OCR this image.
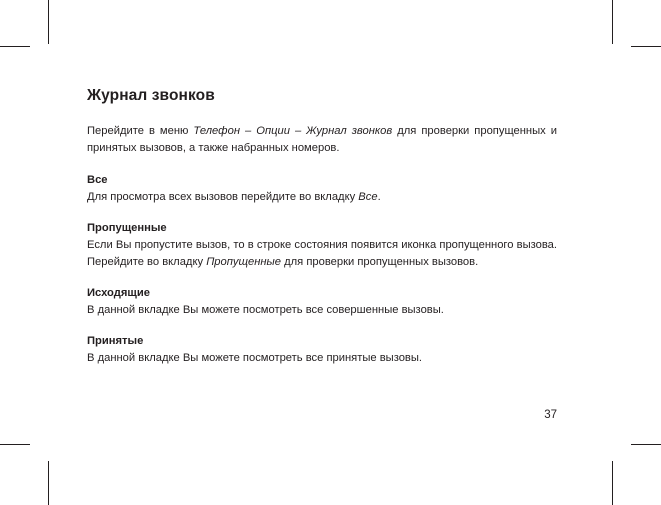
Журнал звонков

Перейдите в меню Телефон – Опции – Журнал звонков для проверки пропущенных и принятых вызовов, а также набранных номеров.

Все

Для просмотра всех вызовов перейдите во вкладку Все.

Пропущенные

Если Вы пропустите вызов, то в строке состояния появится иконка пропущенного вызова. Перейдите во вкладку Пропущенные для проверки пропущенных вызовов.

Исходящие

В данной вкладке Вы можете посмотреть все совершенные вызовы.

Принятые

В данной вкладке Вы можете посмотреть все принятые вызовы.

37
